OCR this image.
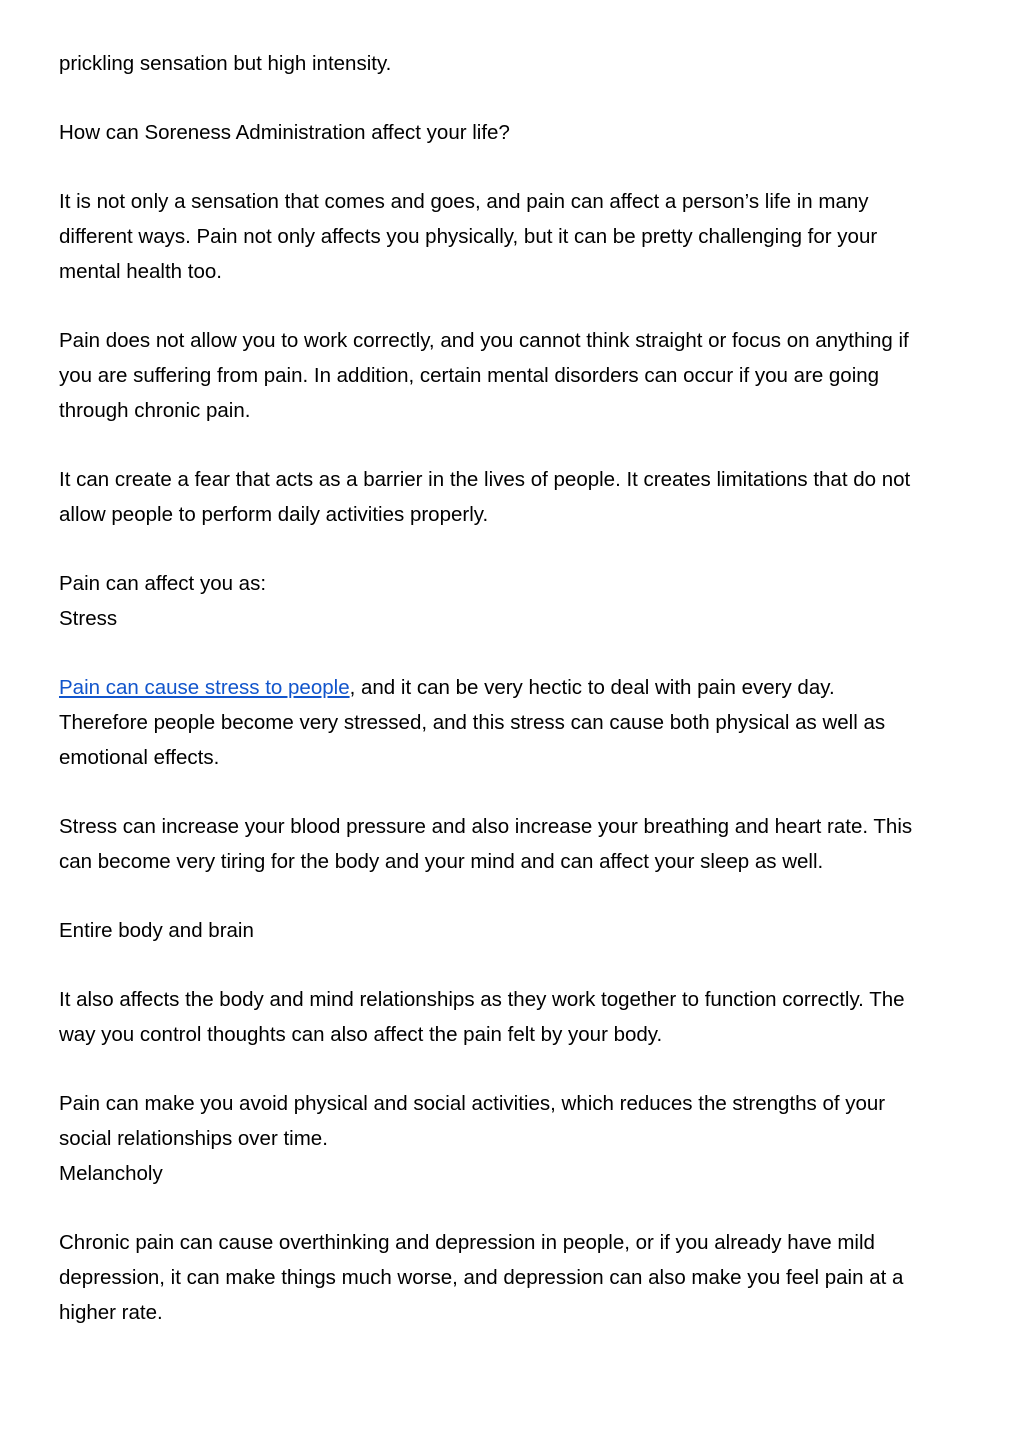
prickling sensation but high intensity.

How can Soreness Administration affect your life?

It is not only a sensation that comes and goes, and pain can affect a person’s life in many

different ways. Pain not only affects you physically, but it can be pretty challenging for your

mental health too.

Pain does not allow you to work correctly, and you cannot think straight or focus on anything if

you are suffering from pain. In addition, certain mental disorders can occur if you are going

through chronic pain.

It can create a fear that acts as a barrier in the lives of people. It creates limitations that do not

allow people to perform daily activities properly.

Pain can affect you as:

Stress

Pain can cause stress to people, and it can be very hectic to deal with pain every day.

Therefore people become very stressed, and this stress can cause both physical as well as

emotional effects.

Stress can increase your blood pressure and also increase your breathing and heart rate. This

can become very tiring for the body and your mind and can affect your sleep as well.

Entire body and brain

It also affects the body and mind relationships as they work together to function correctly. The

way you control thoughts can also affect the pain felt by your body.

Pain can make you avoid physical and social activities, which reduces the strengths of your

social relationships over time.

Melancholy

Chronic pain can cause overthinking and depression in people, or if you already have mild

depression, it can make things much worse, and depression can also make you feel pain at a

higher rate.
